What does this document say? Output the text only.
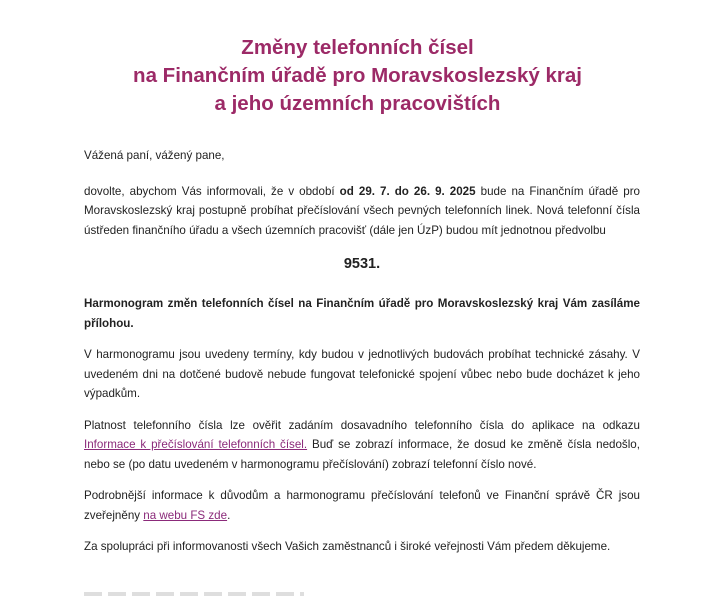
Změny telefonních čísel
na Finančním úřadě pro Moravskoslezský kraj
a jeho územních pracovištích

Vážená paní, vážený pane,

dovolte, abychom Vás informovali, že v období od 29. 7. do 26. 9. 2025 bude na Finančním úřadě pro Moravskoslezský kraj postupně probíhat přečíslování všech pevných telefonních linek. Nová telefonní čísla ústředen finančního úřadu a všech územních pracovišť (dále jen ÚzP) budou mít jednotnou předvolbu

9531.

Harmonogram změn telefonních čísel na Finančním úřadě pro Moravskoslezský kraj Vám zasíláme přílohou.

V harmonogramu jsou uvedeny termíny, kdy budou v jednotlivých budovách probíhat technické zásahy. V uvedeném dni na dotčené budově nebude fungovat telefonické spojení vůbec nebo bude docházet k jeho výpadkům.

Platnost telefonního čísla lze ověřit zadáním dosavadního telefonního čísla do aplikace na odkazu Informace k přečíslování telefonních čísel. Buď se zobrazí informace, že dosud ke změně čísla nedošlo, nebo se (po datu uvedeném v harmonogramu přečíslování) zobrazí telefonní číslo nové.

Podrobnější informace k důvodům a harmonogramu přečíslování telefonů ve Finanční správě ČR jsou zveřejněny na webu FS zde.

Za spolupráci při informovanosti všech Vašich zaměstnanců i široké veřejnosti Vám předem děkujeme.
